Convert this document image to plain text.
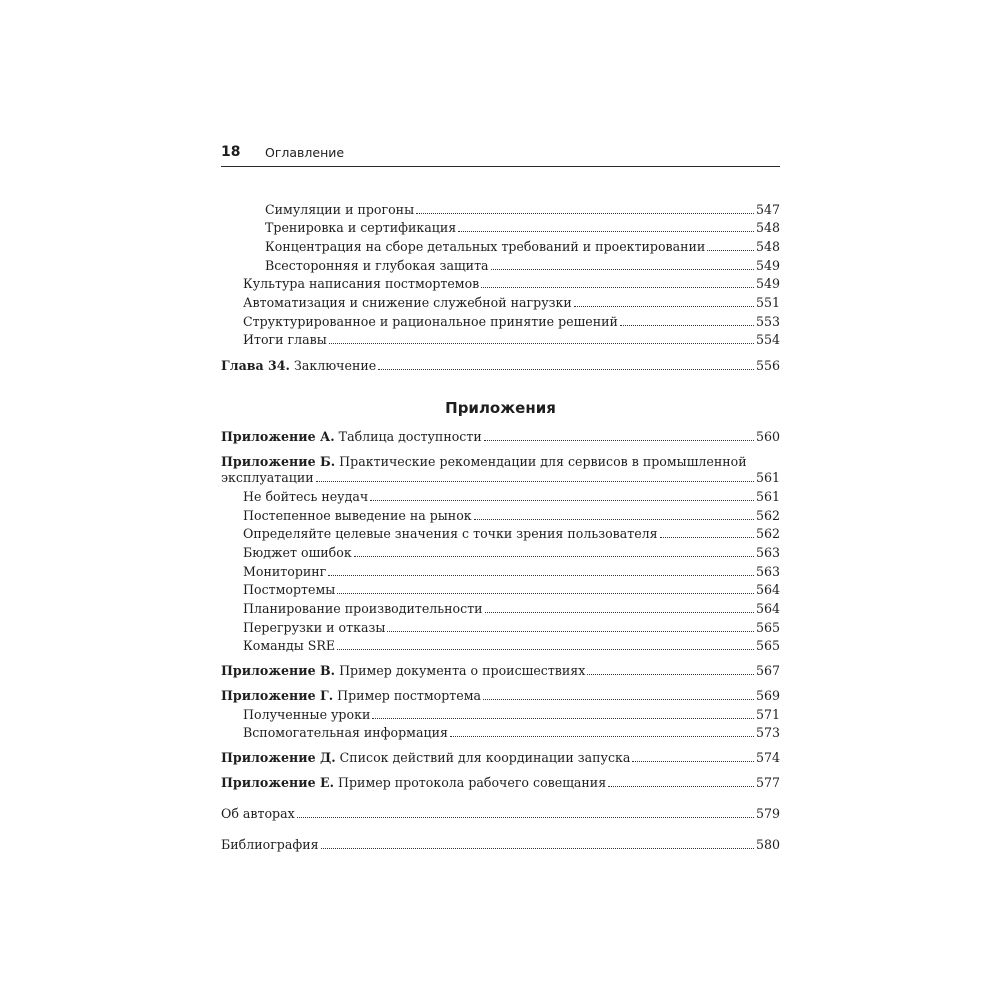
18 Оглавление
Симуляции и прогоны	547
Тренировка и сертификация	548
Концентрация на сборе детальных требований и проектировании	548
Всесторонняя и глубокая защита	549
Культура написания постмортемов	549
Автоматизация и снижение служебной нагрузки	551
Структурированное и рациональное принятие решений	553
Итоги главы	554
Глава 34. Заключение	556
Приложения
Приложение А. Таблица доступности	560
Приложение Б. Практические рекомендации для сервисов в промышленной
эксплуатации	561
Не бойтесь неудач	561
Постепенное выведение на рынок	562
Определяйте целевые значения с точки зрения пользователя	562
Бюджет ошибок	563
Мониторинг	563
Постмортемы	564
Планирование производительности	564
Перегрузки и отказы	565
Команды SRE	565
Приложение В. Пример документа о происшествиях	567
Приложение Г. Пример постмортема	569
Полученные уроки	571
Вспомогательная информация	573
Приложение Д. Список действий для координации запуска	574
Приложение Е. Пример протокола рабочего совещания	577
Об авторах	579
Библиография	580
